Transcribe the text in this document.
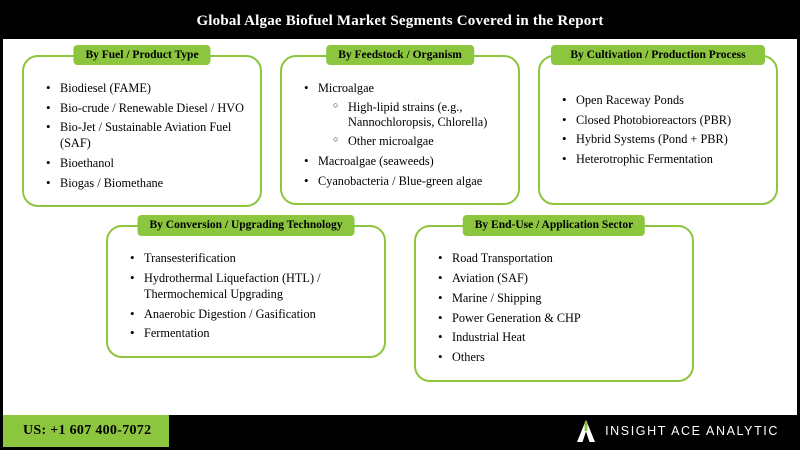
Global Algae Biofuel Market Segments Covered in the Report
By Fuel / Product Type
• Biodiesel (FAME)
• Bio-crude / Renewable Diesel / HVO
• Bio-Jet / Sustainable Aviation Fuel (SAF)
• Bioethanol
• Biogas / Biomethane
By Feedstock / Organism
• Microalgae
○ High-lipid strains (e.g., Nannochloropsis, Chlorella)
○ Other microalgae
• Macroalgae (seaweeds)
• Cyanobacteria / Blue-green algae
By Cultivation / Production Process
• Open Raceway Ponds
• Closed Photobioreactors (PBR)
• Hybrid Systems (Pond + PBR)
• Heterotrophic Fermentation
By Conversion / Upgrading Technology
• Transesterification
• Hydrothermal Liquefaction (HTL) / Thermochemical Upgrading
• Anaerobic Digestion / Gasification
• Fermentation
By End-Use / Application Sector
• Road Transportation
• Aviation (SAF)
• Marine / Shipping
• Power Generation & CHP
• Industrial Heat
• Others
US: +1 607 400-7072	INSIGHT ACE ANALYTIC
